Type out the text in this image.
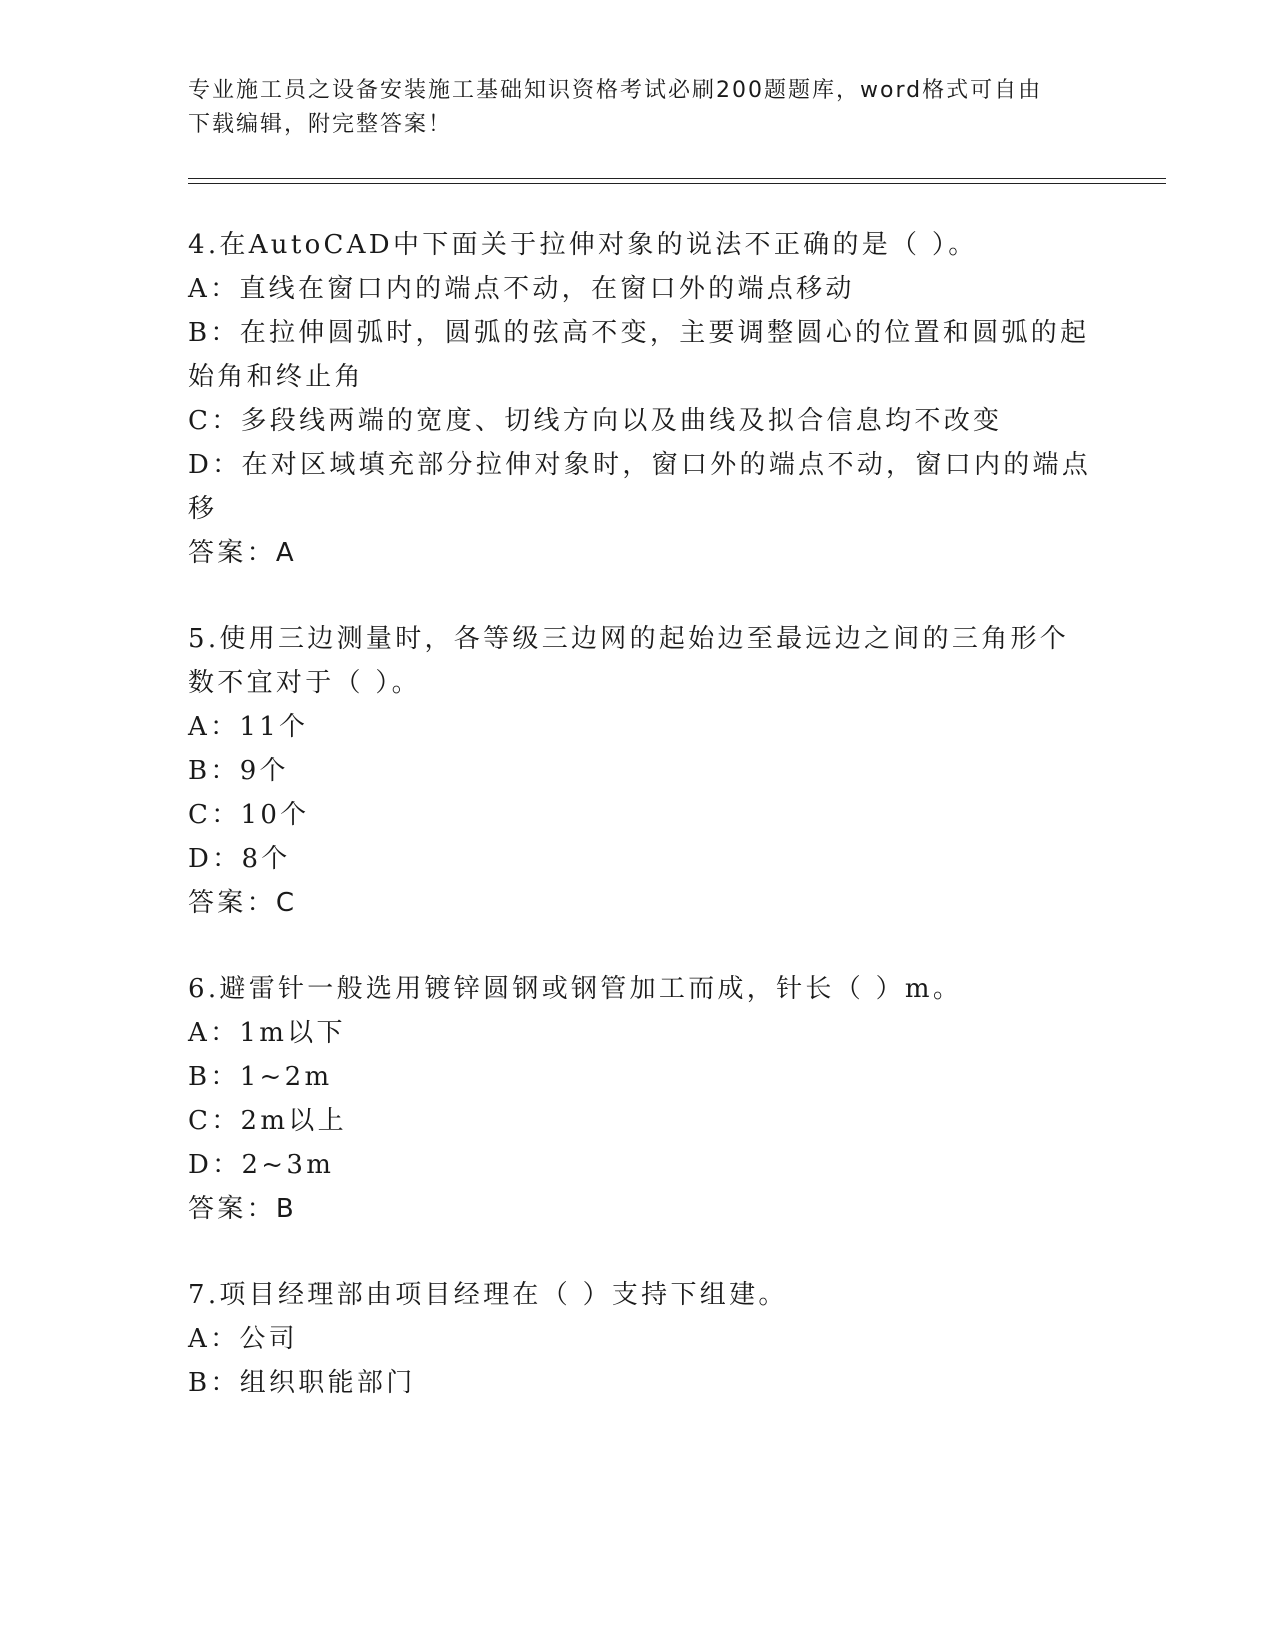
专业施工员之设备安装施工基础知识资格考试必刷200题题库，word格式可自由
下载编辑，附完整答案！
4.在AutoCAD中下面关于拉伸对象的说法不正确的是（ ）。
A：直线在窗口内的端点不动，在窗口外的端点移动
B：在拉伸圆弧时，圆弧的弦高不变，主要调整圆心的位置和圆弧的起
始角和终止角
C：多段线两端的宽度、切线方向以及曲线及拟合信息均不改变
D：在对区域填充部分拉伸对象时，窗口外的端点不动，窗口内的端点
移
答案：A
5.使用三边测量时，各等级三边网的起始边至最远边之间的三角形个
数不宜对于（ ）。
A：11个
B：9个
C：10个
D：8个
答案：C
6.避雷针一般选用镀锌圆钢或钢管加工而成，针长（ ）m。
A：1m以下
B：1~2m
C：2m以上
D：2~3m
答案：B
7.项目经理部由项目经理在（ ）支持下组建。
A：公司
B：组织职能部门
